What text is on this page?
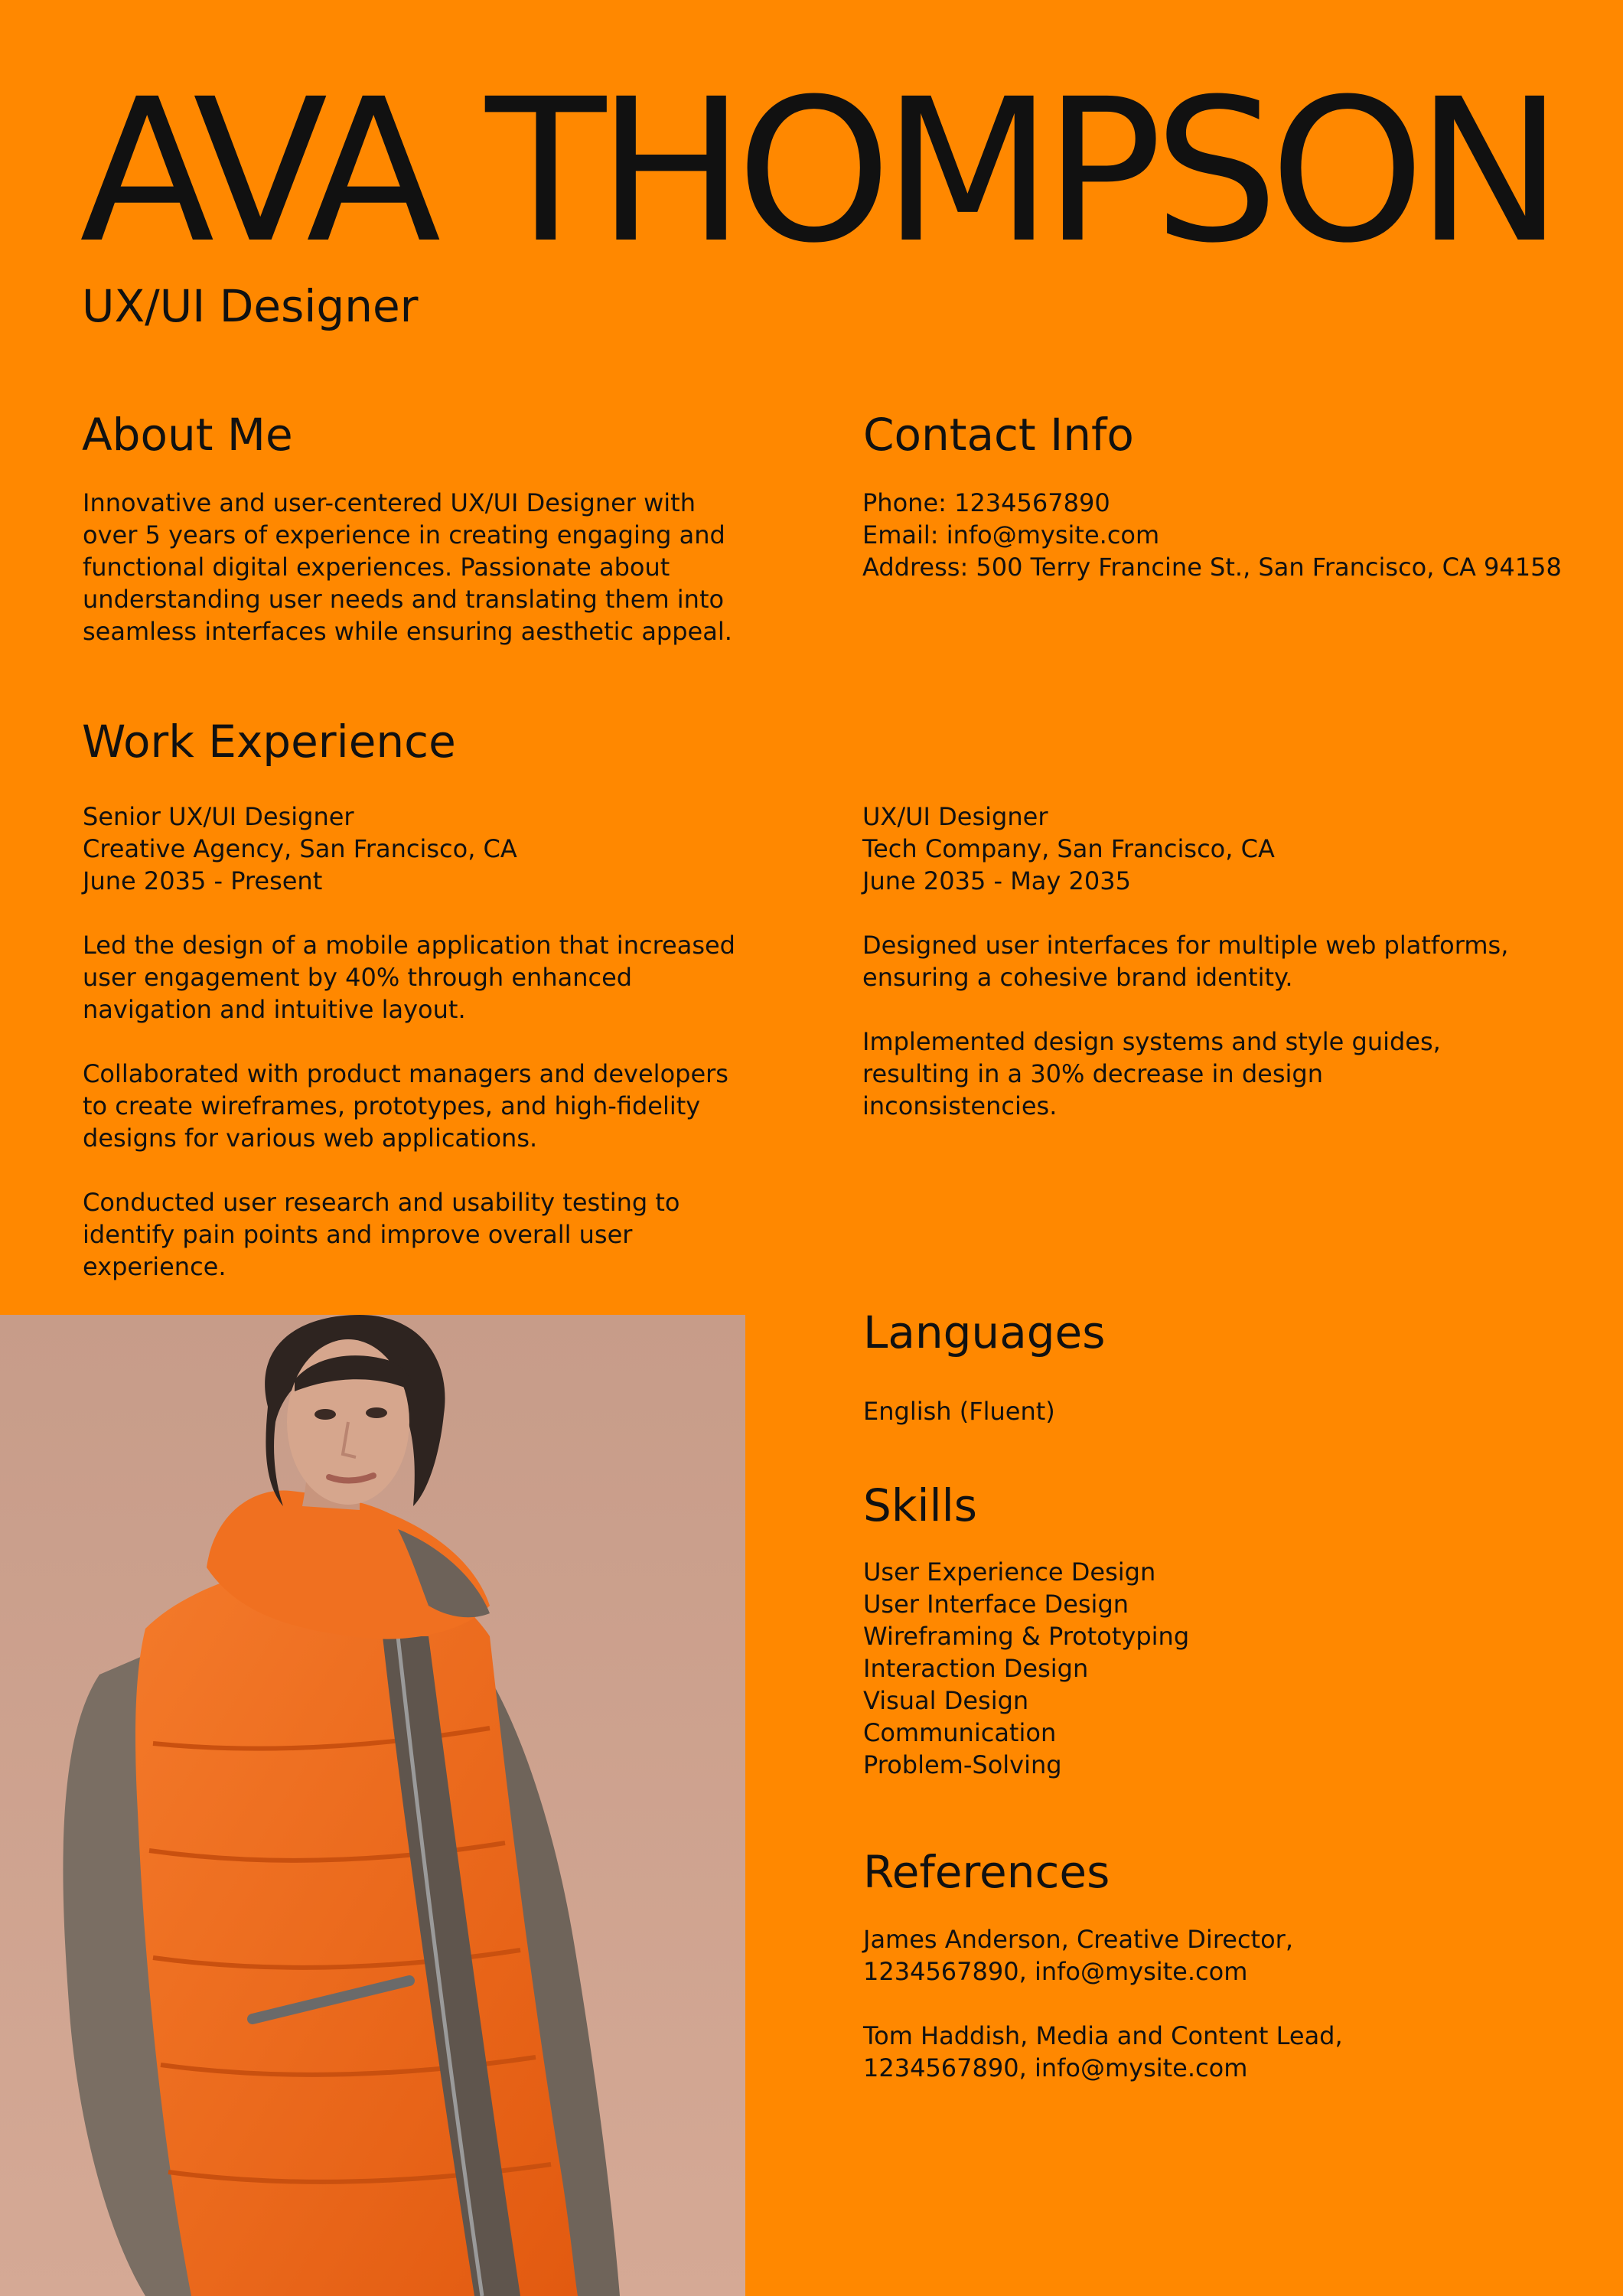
AVA THOMPSON
UX/UI Designer
About Me

Innovative and user-centered UX/UI Designer with over 5 years of experience in creating engaging and functional digital experiences. Passionate about understanding user needs and translating them into seamless interfaces while ensuring aesthetic appeal.

Contact Info
Phone: 1234567890
Email: info@mysite.com
Address: 500 Terry Francine St., San Francisco, CA 94158
Work Experience
Senior UX/UI Designer
Creative Agency, San Francisco, CA
June 2035 - Present
Led the design of a mobile application that increased user engagement by 40% through enhanced navigation and intuitive layout.
Collaborated with product managers and developers to create wireframes, prototypes, and high-fidelity designs for various web applications.
Conducted user research and usability testing to identify pain points and improve overall user experience.
UX/UI Designer
Tech Company, San Francisco, CA
June 2035 - May 2035
Designed user interfaces for multiple web platforms, ensuring a cohesive brand identity.
Implemented design systems and style guides, resulting in a 30% decrease in design inconsistencies.
Languages
English (Fluent)
Skills
User Experience Design
User Interface Design
Wireframing & Prototyping
Interaction Design
Visual Design
Communication
Problem-Solving
References
James Anderson, Creative Director,
1234567890, info@mysite.com
Tom Haddish, Media and Content Lead,
1234567890, info@mysite.com
